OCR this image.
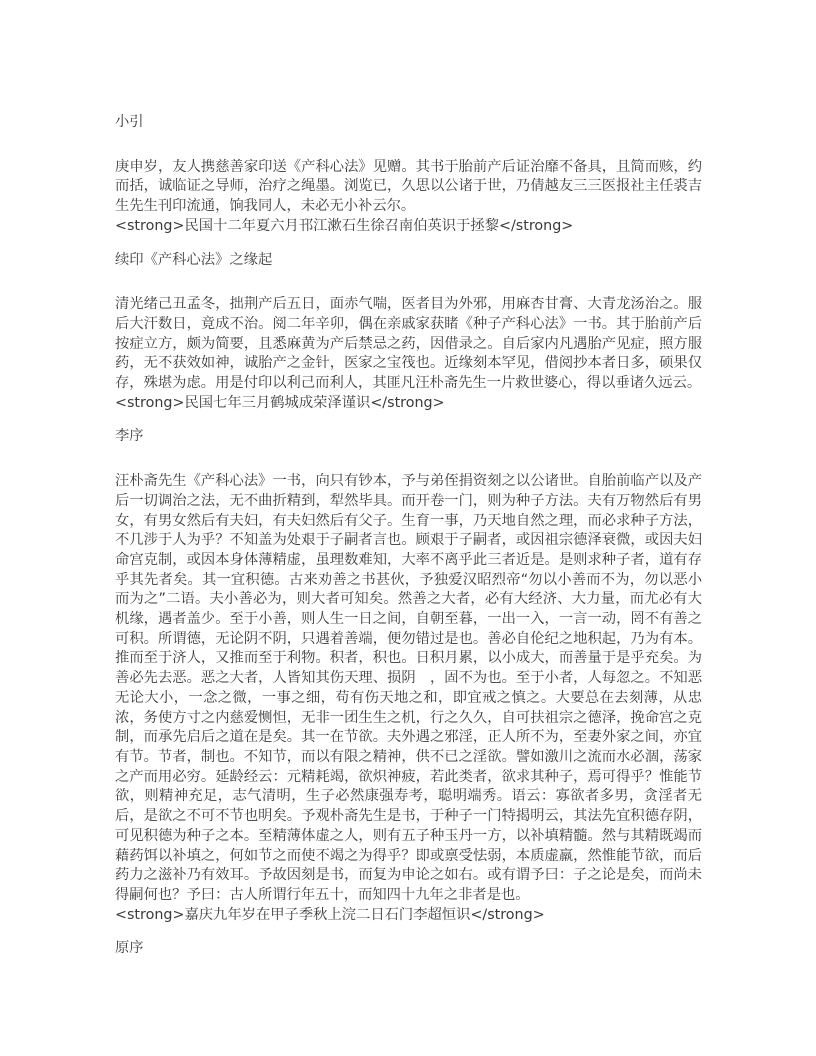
小引

庚申岁，友人携慈善家印送《产科心法》见赠。其书于胎前产后证治靡不备具，且简而赅，约而括，诚临证之导师，治疗之绳墨。浏览已，久思以公诸于世，乃倩越友三三医报社主任裘吉生先生刊印流通，饷我同人，未必无小补云尔。

<strong>民国十二年夏六月邗江漱石生徐召南伯英识于拯黎</strong>
续印《产科心法》之缘起

清光绪己丑孟冬，拙荆产后五日，面赤气喘，医者目为外邪，用麻杏甘膏、大青龙汤治之。服后大汗数日，竟成不治。阅二年辛卯，偶在亲戚家获睹《种子产科心法》一书。其于胎前产后按症立方，颇为简要，且悉麻黄为产后禁忌之药，因借录之。自后家内凡遇胎产见症，照方服药，无不获效如神，诚胎产之金针，医家之宝筏也。近缘刻本罕见，借阅抄本者日多，硕果仅存，殊堪为虑。用是付印以利己而利人，其匪凡汪朴斋先生一片救世婆心，得以垂诸久远云。

<strong>民国七年三月鹤城成荣泽谨识</strong>
李序

汪朴斋先生《产科心法》一书，向只有钞本，予与弟侄捐资刻之以公诸世。自胎前临产以及产后一切调治之法，无不曲折精到，犁然毕具。而开卷一门，则为种子方法。夫有万物然后有男女，有男女然后有夫妇，有夫妇然后有父子。生育一事，乃天地自然之理，而必求种子方法，不几涉于人为乎？不知盖为处艰于子嗣者言也。顾艰于子嗣者，或因祖宗德泽衰微，或因夫妇命宫克制，或因本身体薄精虚，虽理数难知，大率不离乎此三者近是。是则求种子者，道有存乎其先者矣。其一宜积德。古来劝善之书甚伙，予独爱汉昭烈帝“勿以小善而不为，勿以恶小而为之”二语。夫小善必为，则大者可知矣。然善之大者，必有大经济、大力量，而尤必有大机缘，遇者盖少。至于小善，则人生一日之间，自朝至暮，一出一入，一言一动，罔不有善之可积。所谓德，无论阴不阴，只遇着善端，便勿错过是也。善必自伦纪之地积起，乃为有本。推而至于济人，又推而至于利物。积者，积也。日积月累，以小成大，而善量于是乎充矣。为善必先去恶。恶之大者，人皆知其伤天理、损阴　，固不为也。至于小者，人每忽之。不知恶无论大小，一念之微，一事之细，苟有伤天地之和，即宜戒之慎之。大要总在去刻薄，从忠浓，务使方寸之内慈爱恻怛，无非一团生生之机，行之久久，自可扶祖宗之德泽，挽命宫之克制，而承先启后之道在是矣。其一在节欲。夫外遇之邪淫，正人所不为，至妻外家之间，亦宜有节。节者，制也。不知节，而以有限之精神，供不已之淫欲。譬如激川之流而水必涸，荡家之产而用必穷。延龄经云：元精耗竭，欲炽神疲，若此类者，欲求其种子，焉可得乎？惟能节欲，则精神充足，志气清明，生子必然康强寿考，聪明端秀。语云：寡欲者多男，贪淫者无后，是欲之不可不节也明矣。予观朴斋先生是书，于种子一门特揭明云，其法先宜积德存阴，可见积德为种子之本。至精薄体虚之人，则有五子种玉丹一方，以补填精髓。然与其精既竭而藉药饵以补填之，何如节之而使不竭之为得乎？即或禀受怯弱，本质虚羸，然惟能节欲，而后药力之滋补乃有效耳。予故因刻是书，而复为申论之如右。或有谓予曰：子之论是矣，而尚未得嗣何也？予曰：古人所谓行年五十，而知四十九年之非者是也。

<strong>嘉庆九年岁在甲子季秋上浣二日石门李超恒识</strong>
原序
